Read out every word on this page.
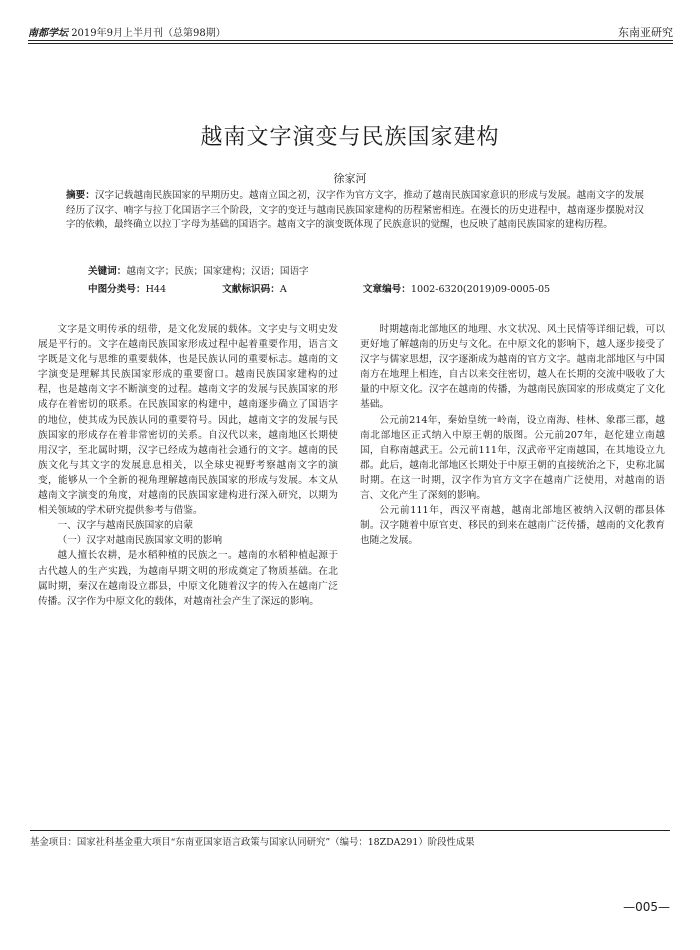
南都学坛 2019年9月上半月刊（总第98期）	东南亚研究
越南文字演变与民族国家建构
徐家河
摘要：汉字记载越南民族国家的早期历史。越南立国之初，汉字作为官方文字，推动了越南民族国家意识的形成与发展。越南文字的发展经历了汉字、喃字与拉丁化国语字三个阶段，文字的变迁与越南民族国家建构的历程紧密相连。在漫长的历史进程中，越南逐步摆脱对汉字的依赖，最终确立以拉丁字母为基础的国语字。越南文字的演变既体现了民族意识的觉醒，也反映了越南民族国家的建构历程。
关键词：越南文字；民族；国家建构；汉语；国语字
中图分类号：H44	文献标识码：A	文章编号：1002-6320(2019)09-0005-05

文字是文明传承的纽带，是文化发展的载体。文字史与文明史发展是平行的。文字在越南民族国家形成过程中起着重要作用，语言文字既是文化与思维的重要载体，也是民族认同的重要标志。越南的文字演变是理解其民族国家形成的重要窗口。越南民族国家建构的过程，也是越南文字不断演变的过程。越南文字的发展与民族国家的形成存在着密切的联系。在民族国家的构建中，越南逐步确立了国语字的地位，使其成为民族认同的重要符号。因此，越南文字的发展与民族国家的形成存在着非常密切的关系。自汉代以来，越南地区长期使用汉字，至北属时期，汉字已经成为越南社会通行的文字。越南的民族文化与其文字的发展息息相关，以全球史视野考察越南文字的演变，能够从一个全新的视角理解越南民族国家的形成与发展。本文从越南文字演变的角度，对越南的民族国家建构进行深入研究，以期为相关领域的学术研究提供参考与借鉴。

一、汉字与越南民族国家的启蒙
（一）汉字对越南民族国家文明的影响

越人擅长农耕，是水稻种植的民族之一。越南的水稻种植起源于古代越人的生产实践，为越南早期文明的形成奠定了物质基础。在北属时期，秦汉在越南设立郡县，中原文化随着汉字的传入在越南广泛传播。汉字作为中原文化的载体，对越南社会产生了深远的影响。

时期越南北部地区的地理、水文状况、风土民情等详细记载，可以更好地了解越南的历史与文化。在中原文化的影响下，越人逐步接受了汉字与儒家思想，汉字逐渐成为越南的官方文字。越南北部地区与中国南方在地理上相连，自古以来交往密切，越人在长期的交流中吸收了大量的中原文化。汉字在越南的传播，为越南民族国家的形成奠定了文化基础。

公元前214年，秦始皇统一岭南，设立南海、桂林、象郡三郡，越南北部地区正式纳入中原王朝的版图。公元前207年，赵佗建立南越国，自称南越武王。公元前111年，汉武帝平定南越国，在其地设立九郡。此后，越南北部地区长期处于中原王朝的直接统治之下，史称北属时期。在这一时期，汉字作为官方文字在越南广泛使用，对越南的语言、文化产生了深刻的影响。

公元前111年，西汉平南越，越南北部地区被纳入汉朝的郡县体制。汉字随着中原官吏、移民的到来在越南广泛传播，越南的文化教育也随之发展。

基金项目：国家社科基金重大项目“东南亚国家语言政策与国家认同研究”（编号：18ZDA291）阶段性成果
—005—
